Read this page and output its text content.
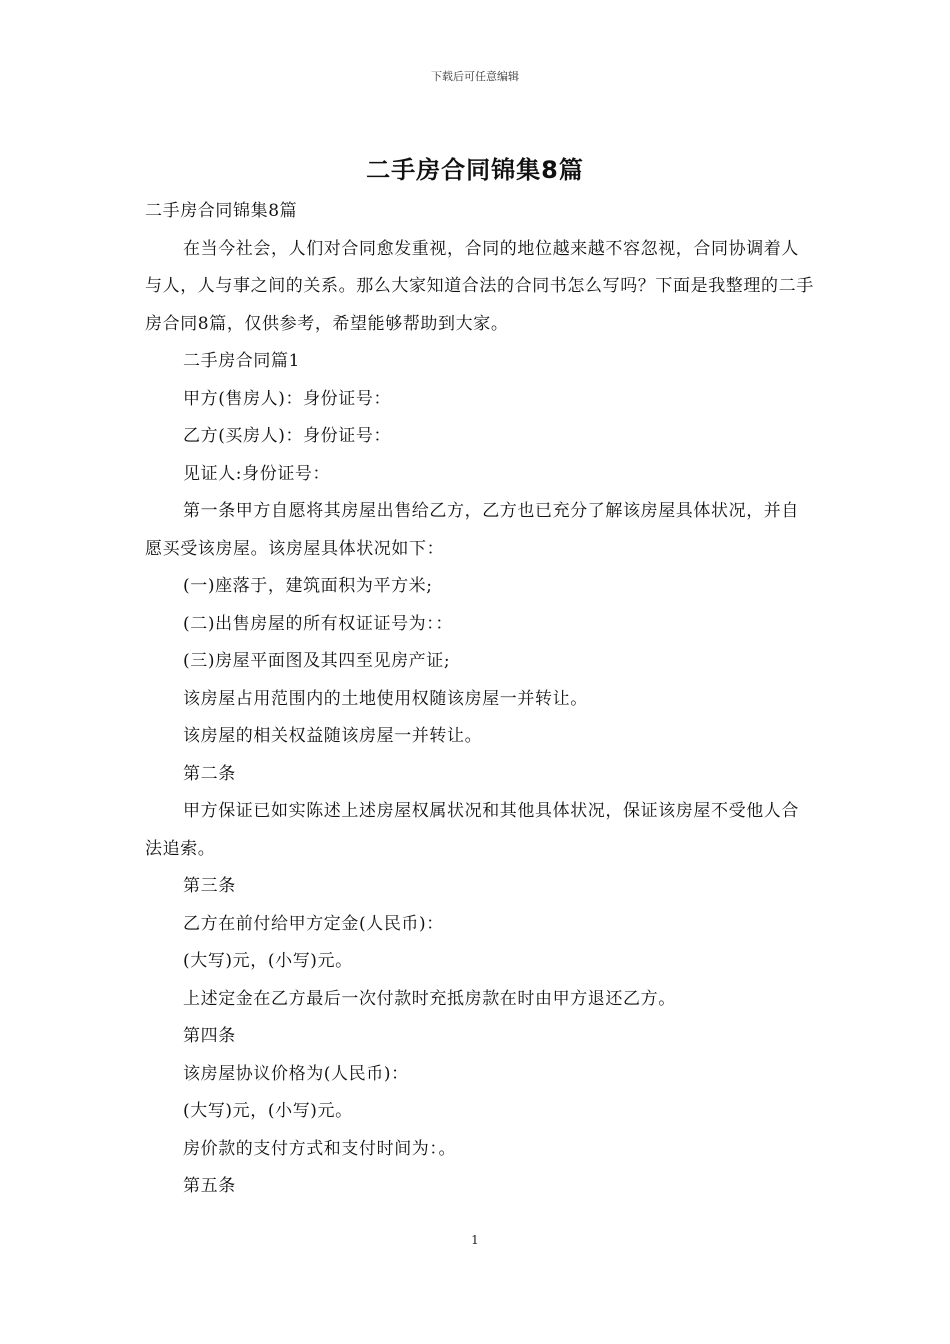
下载后可任意编辑
二手房合同锦集8篇

二手房合同锦集8篇

在当今社会，人们对合同愈发重视，合同的地位越来越不容忽视，合同协调着人与人，人与事之间的关系。那么大家知道合法的合同书怎么写吗？下面是我整理的二手房合同8篇，仅供参考，希望能够帮助到大家。

二手房合同篇1

甲方(售房人)：身份证号：

乙方(买房人)：身份证号：

见证人:身份证号：

第一条甲方自愿将其房屋出售给乙方，乙方也已充分了解该房屋具体状况，并自愿买受该房屋。该房屋具体状况如下：

(一)座落于，建筑面积为平方米;

(二)出售房屋的所有权证证号为：：

(三)房屋平面图及其四至见房产证;

该房屋占用范围内的土地使用权随该房屋一并转让。

该房屋的相关权益随该房屋一并转让。

第二条

甲方保证已如实陈述上述房屋权属状况和其他具体状况，保证该房屋不受他人合法追索。

第三条

乙方在前付给甲方定金(人民币)：

(大写)元，(小写)元。

上述定金在乙方最后一次付款时充抵房款在时由甲方退还乙方。

第四条

该房屋协议价格为(人民币)：

(大写)元，(小写)元。

房价款的支付方式和支付时间为：。

第五条

1
